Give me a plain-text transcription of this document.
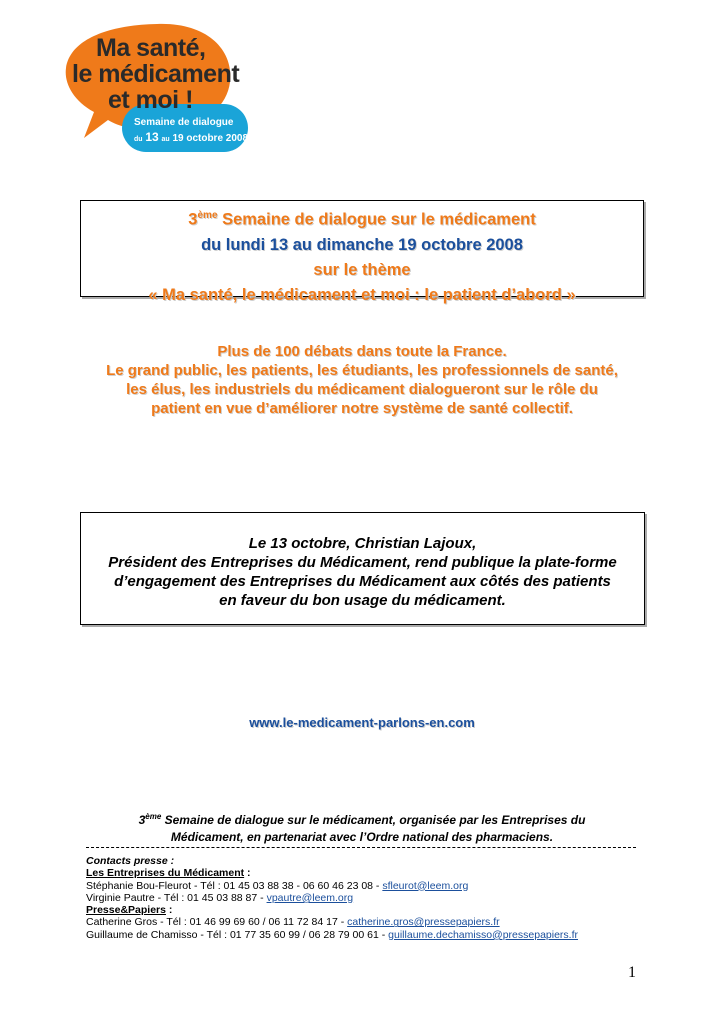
Ma santé,
le médicament
et moi !
Semaine de dialogue
du 13 au 19 octobre 2008
3ème Semaine de dialogue sur le médicament
du lundi 13 au dimanche 19 octobre 2008
sur le thème
« Ma santé, le médicament et moi : le patient d’abord »
Plus de 100 débats dans toute la France.
Le grand public, les patients, les étudiants, les professionnels de santé,
les élus, les industriels du médicament dialogueront sur le rôle du
patient en vue d’améliorer notre système de santé collectif.
Le 13 octobre, Christian Lajoux,
Président des Entreprises du Médicament, rend publique la plate-forme
d’engagement des Entreprises du Médicament aux côtés des patients
en faveur du bon usage du médicament.
www.le-medicament-parlons-en.com
3ème Semaine de dialogue sur le médicament, organisée par les Entreprises du
Médicament, en partenariat avec l’Ordre national des pharmaciens.
Contacts presse :
Les Entreprises du Médicament :
Stéphanie Bou-Fleurot - Tél : 01 45 03 88 38 - 06 60 46 23 08 - sfleurot@leem.org
Virginie Pautre - Tél : 01 45 03 88 87 - vpautre@leem.org
Presse&Papiers :
Catherine Gros - Tél : 01 46 99 69 60 / 06 11 72 84 17 - catherine.gros@pressepapiers.fr
Guillaume de Chamisso - Tél : 01 77 35 60 99 / 06 28 79 00 61 - guillaume.dechamisso@pressepapiers.fr
1
